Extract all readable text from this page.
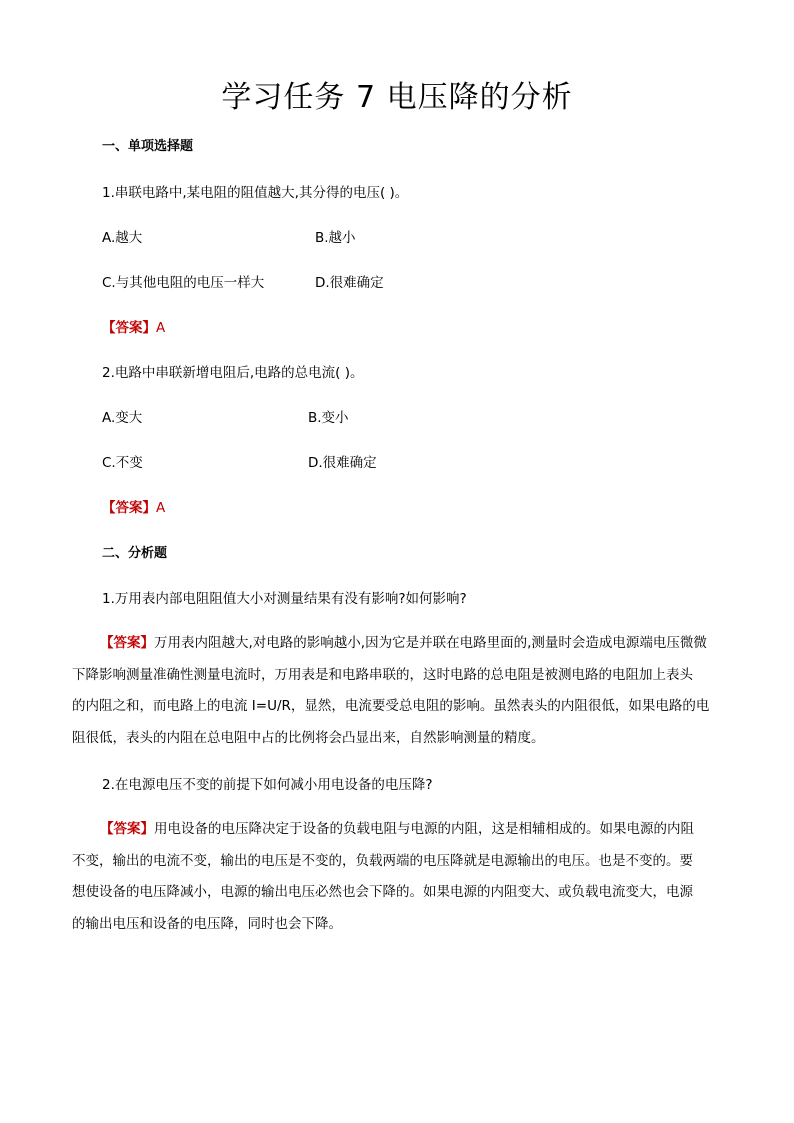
学习任务 7 电压降的分析
一、单项选择题
1.串联电路中,某电阻的阻值越大,其分得的电压( )。
A.越大	B.越小
C.与其他电阻的电压一样大	D.很难确定
【答案】A
2.电路中串联新增电阻后,电路的总电流( )。
A.变大	B.变小
C.不变	D.很难确定
【答案】A
二、分析题
1.万用表内部电阻阻值大小对测量结果有没有影响?如何影响?
【答案】万用表内阻越大,对电路的影响越小,因为它是并联在电路里面的,测量时会造成电源端电压微微
下降影响测量准确性测量电流时，万用表是和电路串联的，这时电路的总电阻是被测电路的电阻加上表头
的内阻之和，而电路上的电流 I=U/R，显然，电流要受总电阻的影响。虽然表头的内阻很低，如果电路的电
阻很低，表头的内阻在总电阻中占的比例将会凸显出来，自然影响测量的精度。
2.在电源电压不变的前提下如何减小用电设备的电压降?
【答案】用电设备的电压降决定于设备的负载电阻与电源的内阻，这是相辅相成的。如果电源的内阻
不变，输出的电流不变，输出的电压是不变的，负载两端的电压降就是电源输出的电压。也是不变的。要
想使设备的电压降减小，电源的输出电压必然也会下降的。如果电源的内阻变大、或负载电流变大，电源
的输出电压和设备的电压降，同时也会下降。
